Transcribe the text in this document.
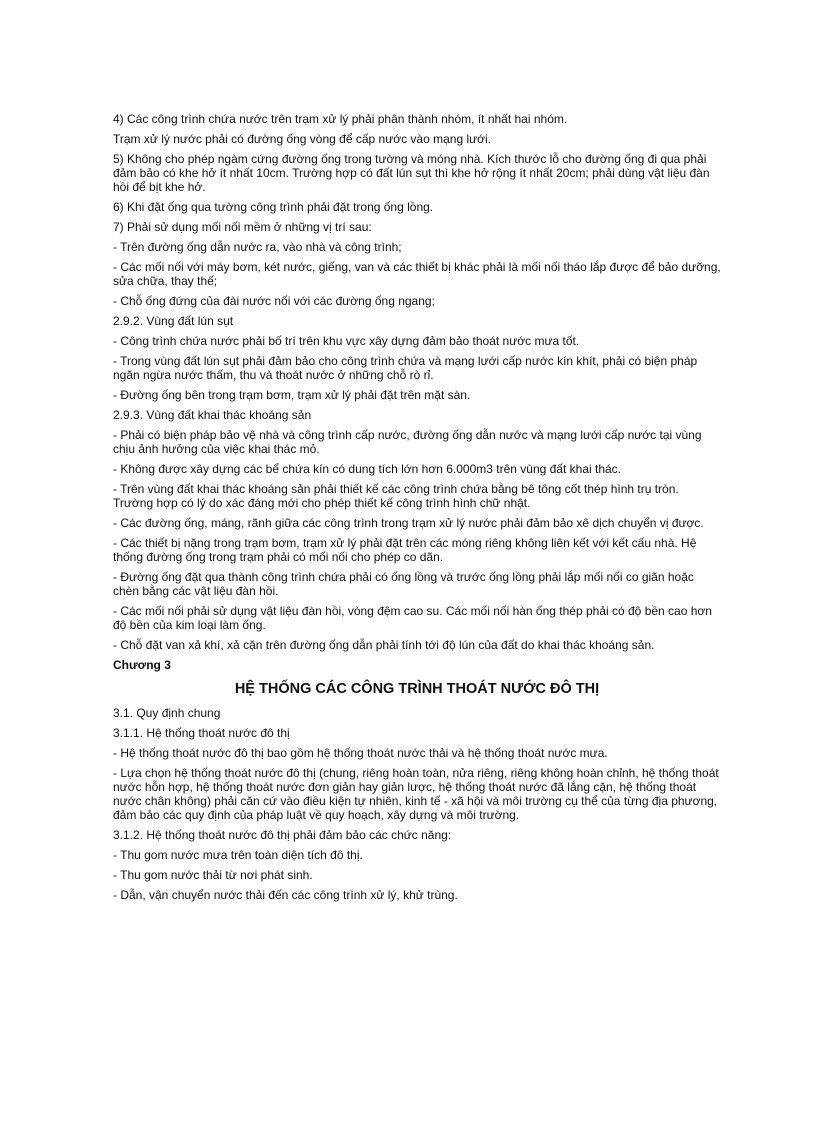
4) Các công trình chứa nước trên trạm xử lý phải phân thành nhóm, ít nhất hai nhóm.

Trạm xử lý nước phải có đường ống vòng để cấp nước vào mạng lưới.

5) Không cho phép ngàm cứng đường ống trong tường và móng nhà. Kích thước lỗ cho đường ống đi qua phải đảm bảo có khe hở ít nhất 10cm. Trường hợp có đất lún sụt thì khe hở rộng ít nhất 20cm; phải dùng vật liệu đàn hồi để bịt khe hở.

6) Khi đặt ống qua tường công trình phải đặt trong ống lồng.

7) Phải sử dụng mối nối mềm ở những vị trí sau:

- Trên đường ống dẫn nước ra, vào nhà và công trình;

- Các mối nối với máy bơm, két nước, giếng, van và các thiết bị khác phải là mối nối tháo lắp được để bảo dưỡng, sửa chữa, thay thế;

- Chỗ ống đứng của đài nước nối với các đường ống ngang;

2.9.2. Vùng đất lún sụt

- Công trình chứa nước phải bố trí trên khu vực xây dựng đảm bảo thoát nước mưa tốt.

- Trong vùng đất lún sụt phải đảm bảo cho công trình chứa và mạng lưới cấp nước kín khít, phải có biện pháp ngăn ngừa nước thấm, thu và thoát nước ở những chỗ rò rỉ.

- Đường ống bên trong trạm bơm, trạm xử lý phải đặt trên mặt sàn.

2.9.3. Vùng đất khai thác khoáng sản

- Phải có biện pháp bảo vệ nhà và công trình cấp nước, đường ống dẫn nước và mạng lưới cấp nước tại vùng chịu ảnh hưởng của việc khai thác mỏ.

- Không được xây dựng các bể chứa kín có dung tích lớn hơn 6.000m3 trên vùng đất khai thác.

- Trên vùng đất khai thác khoáng sản phải thiết kế các công trình chứa bằng bê tông cốt thép hình trụ tròn. Trường hợp có lý do xác đáng mới cho phép thiết kế công trình hình chữ nhật.

- Các đường ống, máng, rãnh giữa các công trình trong trạm xử lý nước phải đảm bảo xê dịch chuyển vị được.

- Các thiết bị nặng trong trạm bơm, trạm xử lý phải đặt trên các móng riêng không liên kết với kết cấu nhà. Hệ thống đường ống trong trạm phải có mối nối cho phép co dãn.

- Đường ống đặt qua thành công trình chứa phải có ống lồng và trước ống lồng phải lắp mối nối co giãn hoặc chèn bằng các vật liệu đàn hồi.

- Các mối nối phải sử dụng vật liệu đàn hồi, vòng đệm cao su. Các mối nối hàn ống thép phải có độ bền cao hơn độ bền của kim loại làm ống.

- Chỗ đặt van xả khí, xả cặn trên đường ống dẫn phải tính tới độ lún của đất do khai thác khoáng sản.

Chương 3
HỆ THỐNG CÁC CÔNG TRÌNH THOÁT NƯỚC ĐÔ THỊ

3.1. Quy định chung

3.1.1. Hệ thống thoát nước đô thị

- Hệ thống thoát nước đô thị bao gồm hệ thống thoát nước thải và hệ thống thoát nước mưa.

- Lựa chọn hệ thống thoát nước đô thị (chung, riêng hoàn toàn, nửa riêng, riêng không hoàn chỉnh, hệ thống thoát nước hỗn hợp, hệ thống thoát nước đơn giản hay giản lược, hệ thống thoát nước đã lắng cặn, hệ thống thoát nước chân không) phải căn cứ vào điều kiện tự nhiên, kinh tế - xã hội và môi trường cụ thể của từng địa phương, đảm bảo các quy định của pháp luật về quy hoạch, xây dựng và môi trường.

3.1.2. Hệ thống thoát nước đô thị phải đảm bảo các chức năng:

- Thu gom nước mưa trên toàn diện tích đô thị.

- Thu gom nước thải từ nơi phát sinh.

- Dẫn, vận chuyển nước thải đến các công trình xử lý, khử trùng.
